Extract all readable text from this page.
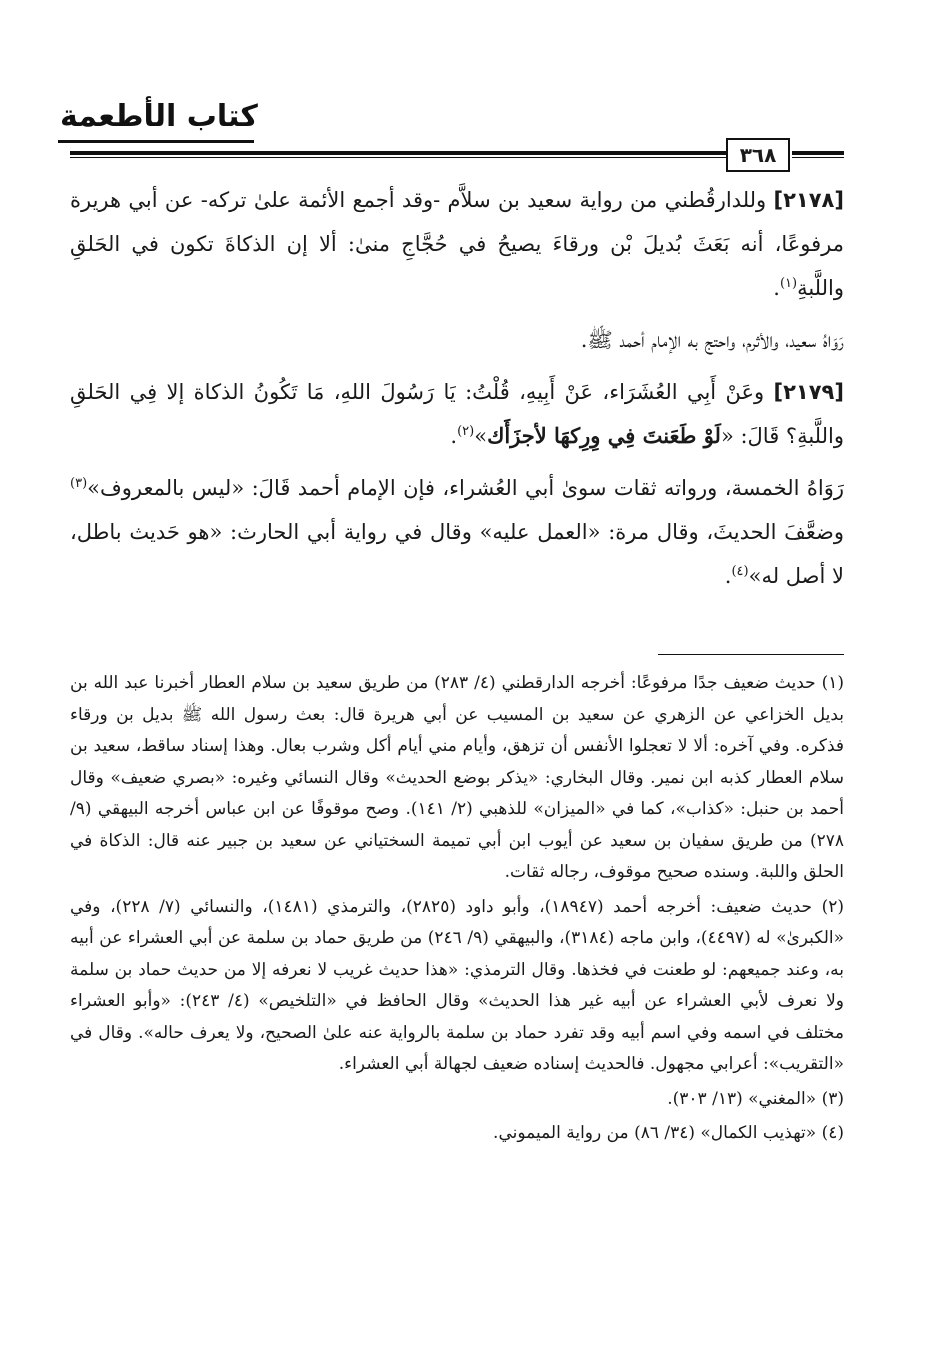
كتاب الأطعمة
٣٦٨

[٢١٧٨] وللدارقُطني من رواية سعيد بن سلاَّم -وقد أجمع الأئمة علىٰ تركه- عن أبي هريرة مرفوعًا، أنه بَعَثَ بُديلَ بْن ورقاءَ يصيحُ في حُجَّاجِ منىٰ: ألا إن الذكاةَ تكون في الحَلقِ واللَّبةِ$^{(١)}$.

رَوَاهُ سعيد، والأثرم، واحتج به الإمام أحمد ﷺ.

[٢١٧٩] وعَنْ أَبِي العُشَرَاء، عَنْ أَبِيهِ، قُلْتُ: يَا رَسُولَ اللهِ، مَا تَكُونُ الذكاة إلا فِي الحَلقِ واللَّبةِ؟ قَالَ: «لَوْ طَعَنتَ فِي وِرِكهَا لأجزَأَك»$^{(٢)}$.

رَوَاهُ الخمسة، ورواته ثقات سوىٰ أبي العُشراء، فإن الإمام أحمد قَالَ: «ليس بالمعروف»$^{(٣)}$ وضعَّفَ الحديثَ، وقال مرة: «العمل عليه» وقال في رواية أبي الحارث: «هو حَديث باطل، لا أصل له»$^{(٤)}$.

(١) حديث ضعيف جدًا مرفوعًا: أخرجه الدارقطني (٤/ ٢٨٣) من طريق سعيد بن سلام العطار أخبرنا عبد الله بن بديل الخزاعي عن الزهري عن سعيد بن المسيب عن أبي هريرة قال: بعث رسول الله ﷺ بديل بن ورقاء فذكره. وفي آخره: ألا لا تعجلوا الأنفس أن تزهق، وأيام مني أيام أكل وشرب بعال. وهذا إسناد ساقط، سعيد بن سلام العطار كذبه ابن نمير. وقال البخاري: «يذكر بوضع الحديث» وقال النسائي وغيره: «بصري ضعيف» وقال أحمد بن حنبل: «كذاب»، كما في «الميزان» للذهبي (٢/ ١٤١). وصح موقوفًا عن ابن عباس أخرجه البيهقي (٩/ ٢٧٨) من طريق سفيان بن سعيد عن أيوب ابن أبي تميمة السختياني عن سعيد بن جبير عنه قال: الذكاة في الحلق واللبة. وسنده صحيح موقوف، رجاله ثقات.

(٢) حديث ضعيف: أخرجه أحمد (١٨٩٤٧)، وأبو داود (٢٨٢٥)، والترمذي (١٤٨١)، والنسائي (٧/ ٢٢٨)، وفي «الكبرىٰ» له (٤٤٩٧)، وابن ماجه (٣١٨٤)، والبيهقي (٩/ ٢٤٦) من طريق حماد بن سلمة عن أبي العشراء عن أبيه به، وعند جميعهم: لو طعنت في فخذها. وقال الترمذي: «هذا حديث غريب لا نعرفه إلا من حديث حماد بن سلمة ولا نعرف لأبي العشراء عن أبيه غير هذا الحديث» وقال الحافظ في «التلخيص» (٤/ ٢٤٣): «وأبو العشراء مختلف في اسمه وفي اسم أبيه وقد تفرد حماد بن سلمة بالرواية عنه علىٰ الصحيح، ولا يعرف حاله». وقال في «التقريب»: أعرابي مجهول. فالحديث إسناده ضعيف لجهالة أبي العشراء.

(٣) «المغني» (١٣/ ٣٠٣).

(٤) «تهذيب الكمال» (٣٤/ ٨٦) من رواية الميموني.
